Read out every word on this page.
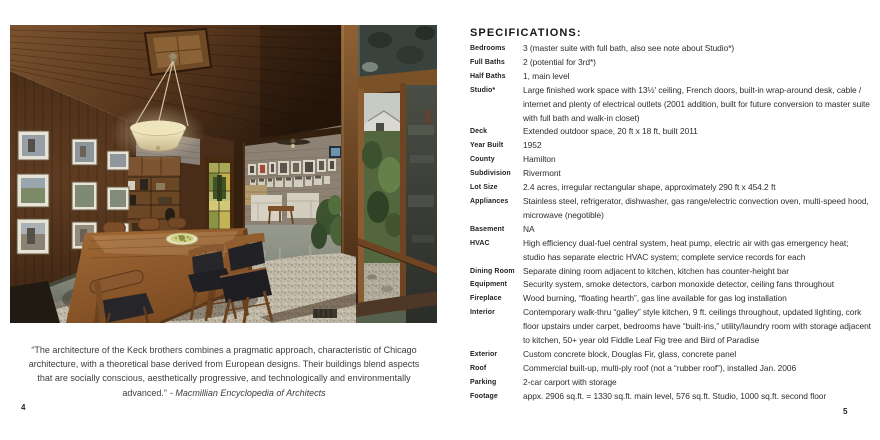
“The architecture of the Keck brothers combines a pragmatic approach, characteristic of Chicago architecture, with a theoretical base derived from European designs. Their buildings blend aspects that are socially conscious, aesthetically progressive, and technologically and environmentally advanced.” - Macmillian Encyclopedia of Architects

4
SPECIFICATIONS:
Bedrooms	3 (master suite with full bath, also see note about Studio*)
Full Baths	2 (potential for 3rd*)
Half Baths	1, main level
Studio*	Large finished work space with 13½' ceiling, French doors, built-in wrap-around desk, cable / internet and plenty of electrical outlets (2001 addition, built for future conversion to master suite with full bath and walk-in closet)
Deck	Extended outdoor space, 20 ft x 18 ft, built 2011
Year Built	1952
County	Hamilton
Subdivision	Rivermont
Lot Size	2.4 acres, irregular rectangular shape, approximately 290 ft x 454.2 ft
Appliances	Stainless steel, refrigerator, dishwasher, gas range/electric convection oven, multi-speed hood, microwave (negotible)
Basement	NA
HVAC	High efficiency dual-fuel central system, heat pump, electric air with gas emergency heat; studio has separate electric HVAC system; complete service records for each
Dining Room Separate dining room adjacent to kitchen, kitchen has counter-height bar
Equipment	Security system, smoke detectors, carbon monoxide detector, ceiling fans throughout
Fireplace	Wood burning, “floating hearth”, gas line available for gas log installation
Interior	Contemporary walk-thru “galley” style kitchen, 9 ft. ceilings throughout, updated lighting, cork floor upstairs under carpet, bedrooms have “built-ins,” utility/laundry room with storage adjacent to kitchen, 50+ year old Fiddle Leaf Fig tree and Bird of Paradise
Exterior	Custom concrete block, Douglas Fir, glass, concrete panel
Roof	Commercial built-up, multi-ply roof (not a “rubber roof”), installed Jan. 2006
Parking	2-car carport with storage
Footage	appx. 2906 sq.ft. = 1330 sq.ft. main level, 576 sq.ft. Studio, 1000 sq.ft. second floor
5
